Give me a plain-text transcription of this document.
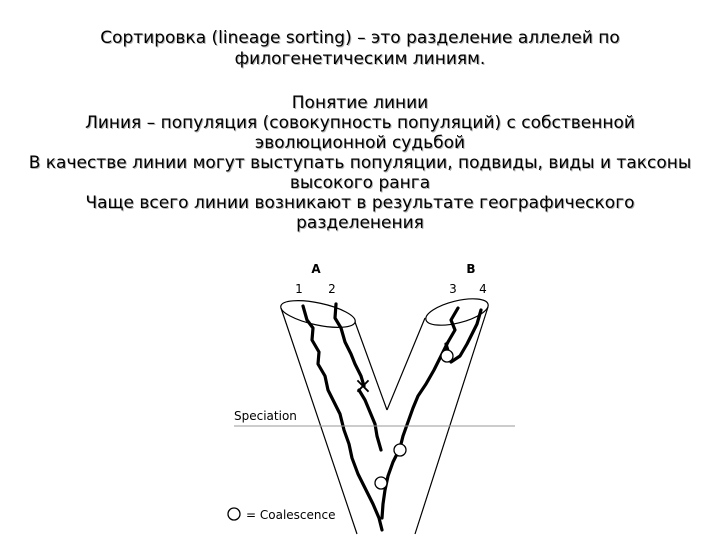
Сортировка (lineage sorting) – это разделение аллелей по филогенетическим линиям.
Понятие линии
Линия – популяция (совокупность популяций) с собственной эволюционной судьбой
В качестве линии могут выступать популяции, подвиды, виды и таксоны высокого ранга
Чаще всего линии возникают в результате географического разделенения
×
A	B
1 2	3 4
Speciation
= Coalescence
